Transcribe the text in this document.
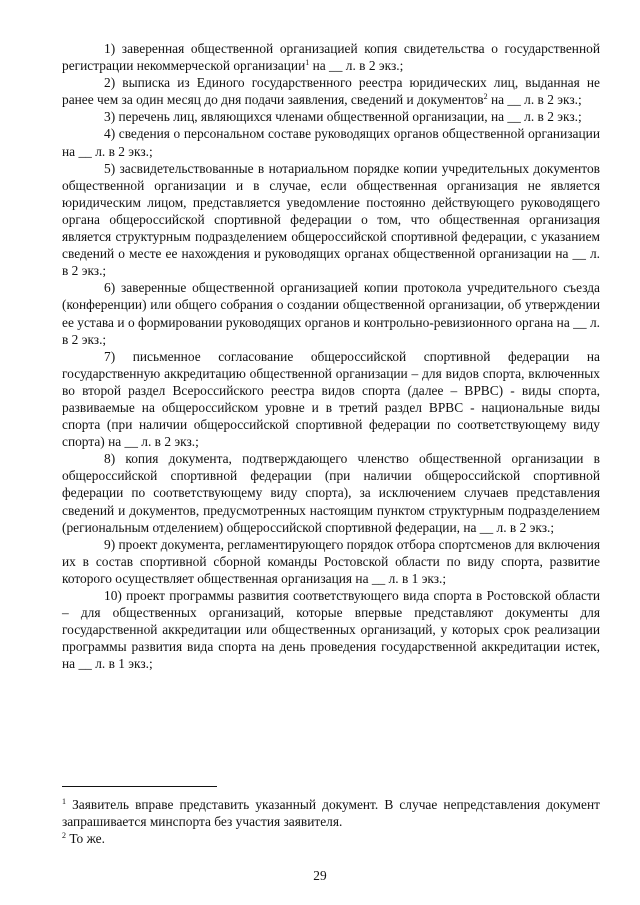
1) заверенная общественной организацией копия свидетельства о государственной регистрации некоммерческой организации$^1$ на __ л. в 2 экз.;

2) выписка из Единого государственного реестра юридических лиц, выданная не ранее чем за один месяц до дня подачи заявления, сведений и документов$^2$ на __ л. в 2 экз.;

3) перечень лиц, являющихся членами общественной организации, на __ л. в 2 экз.;

4) сведения о персональном составе руководящих органов общественной организации на __ л. в 2 экз.;

5) засвидетельствованные в нотариальном порядке копии учредительных документов общественной организации и в случае, если общественная организация не является юридическим лицом, представляется уведомление постоянно действующего руководящего органа общероссийской спортивной федерации о том, что общественная организация является структурным подразделением общероссийской спортивной федерации, с указанием сведений о месте ее нахождения и руководящих органах общественной организации на __ л. в 2 экз.;

6) заверенные общественной организацией копии протокола учредительного съезда (конференции) или общего собрания о создании общественной организации, об утверждении ее устава и о формировании руководящих органов и контрольно-ревизионного органа на __ л. в 2 экз.;

7) письменное согласование общероссийской спортивной федерации на государственную аккредитацию общественной организации – для видов спорта, включенных во второй раздел Всероссийского реестра видов спорта (далее – ВРВС) - виды спорта, развиваемые на общероссийском уровне и в третий раздел ВРВС - национальные виды спорта (при наличии общероссийской спортивной федерации по соответствующему виду спорта) на __ л. в 2 экз.;

8) копия документа, подтверждающего членство общественной организации в общероссийской спортивной федерации (при наличии общероссийской спортивной федерации по соответствующему виду спорта), за исключением случаев представления сведений и документов, предусмотренных настоящим пунктом структурным подразделением (региональным отделением) общероссийской спортивной федерации, на __ л. в 2 экз.;

9) проект документа, регламентирующего порядок отбора спортсменов для включения их в состав спортивной сборной команды Ростовской области по виду спорта, развитие которого осуществляет общественная организация на __ л. в 1 экз.;

10) проект программы развития соответствующего вида спорта в Ростовской области – для общественных организаций, которые впервые представляют документы для государственной аккредитации или общественных организаций, у которых срок реализации программы развития вида спорта на день проведения государственной аккредитации истек, на __ л. в 1 экз.;

$^1$ Заявитель вправе представить указанный документ. В случае непредставления документ запрашивается минспорта без участия заявителя.

$^2$ То же.

29
